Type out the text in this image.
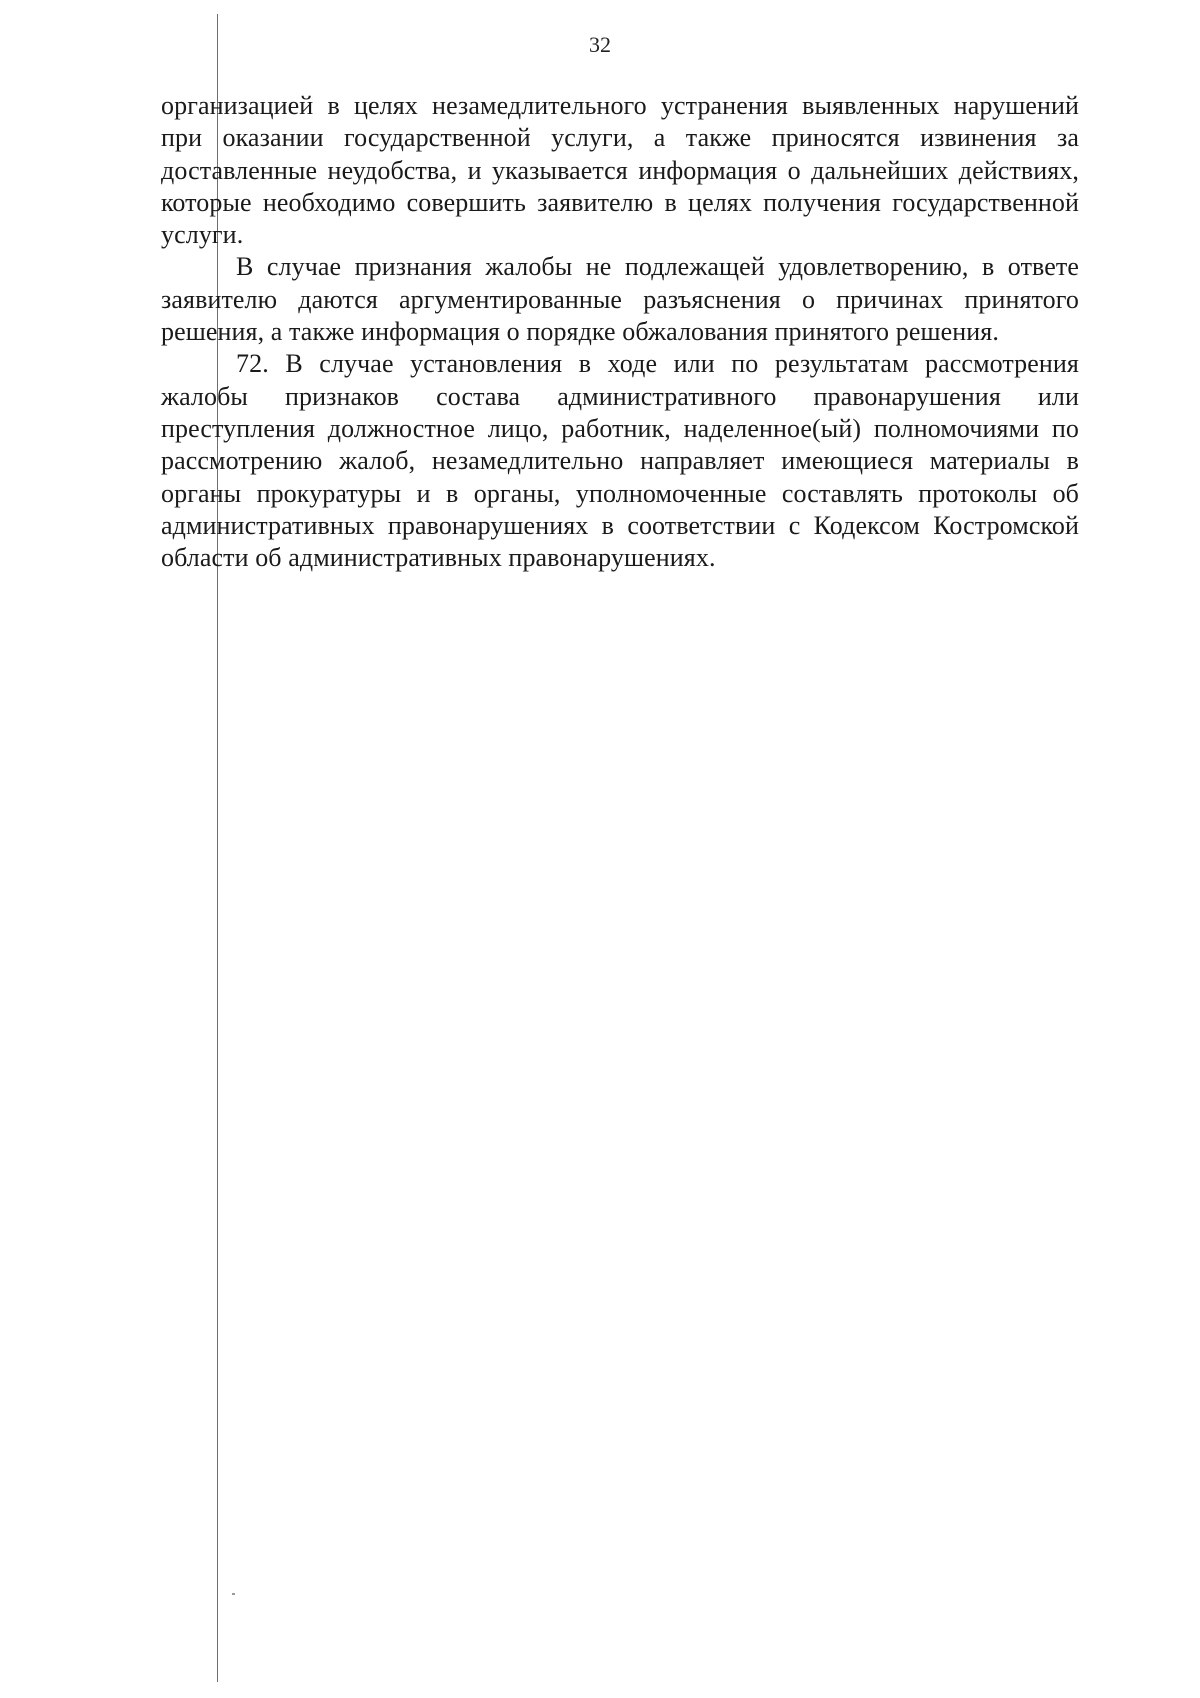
32

организацией в целях незамедлительного устранения выявленных нарушений при оказании государственной услуги, а также приносятся извинения за доставленные неудобства, и указывается информация о дальнейших действиях, которые необходимо совершить заявителю в целях получения государственной услуги.

В случае признания жалобы не подлежащей удовлетворению, в ответе заявителю даются аргументированные разъяснения о причинах принятого решения, а также информация о порядке обжалования принятого решения.

72. В случае установления в ходе или по результатам рассмотрения жалобы признаков состава административного правонарушения или преступления должностное лицо, работник, наделенное(ый) полномочиями по рассмотрению жалоб, незамедлительно направляет имеющиеся материалы в органы прокуратуры и в органы, уполномоченные составлять протоколы об административных правонарушениях в соответствии с Кодексом Костромской области об административных правонарушениях.
